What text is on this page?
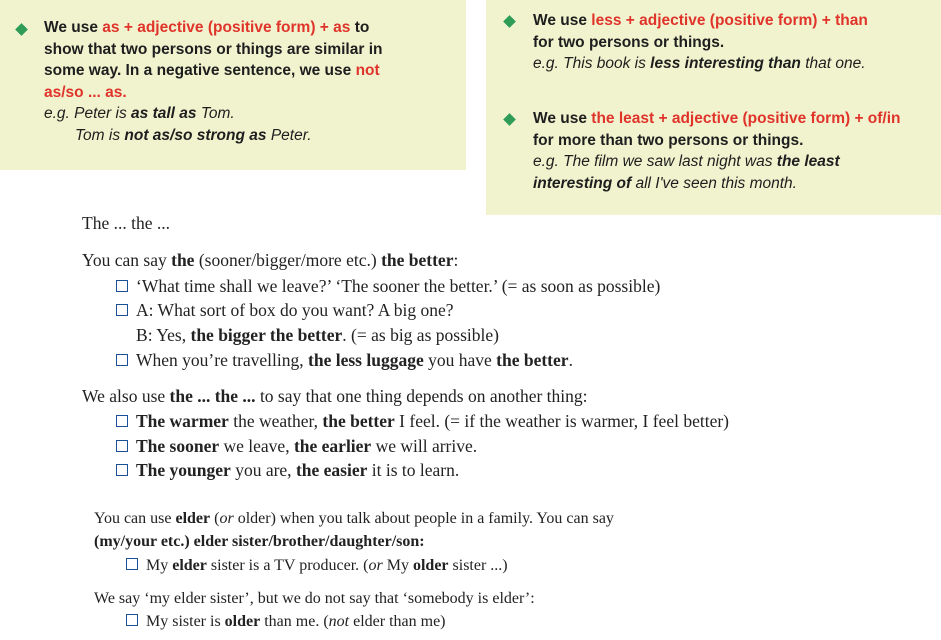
We use as + adjective (positive form) + as to
show that two persons or things are similar in
some way. In a negative sentence, we use not
as/so ... as.
e.g. Peter is as tall as Tom.
Tom is not as/so strong as Peter.
We use less + adjective (positive form) + than
for two persons or things.
e.g. This book is less interesting than that one.
We use the least + adjective (positive form) + of/in
for more than two persons or things.
e.g. The film we saw last night was the least
interesting of all I've seen this month.
The ... the ...
You can say the (sooner/bigger/more etc.) the better:
‘What time shall we leave?’ ‘The sooner the better.’ (= as soon as possible)
A: What sort of box do you want? A big one?
B: Yes, the bigger the better. (= as big as possible)
When you’re travelling, the less luggage you have the better.
We also use the ... the ... to say that one thing depends on another thing:
The warmer the weather, the better I feel. (= if the weather is warmer, I feel better)
The sooner we leave, the earlier we will arrive.
The younger you are, the easier it is to learn.
You can use elder (or older) when you talk about people in a family. You can say
(my/your etc.) elder sister/brother/daughter/son:
My elder sister is a TV producer. (or My older sister ...)
We say ‘my elder sister’, but we do not say that ‘somebody is elder’:
My sister is older than me. (not elder than me)
